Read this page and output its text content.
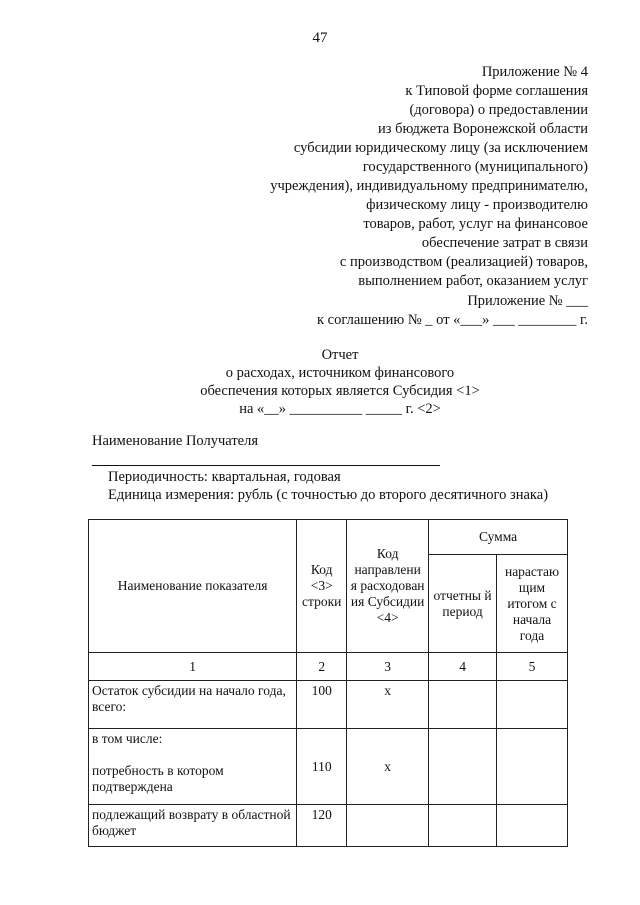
47
Приложение № 4
к Типовой форме соглашения
(договора) о предоставлении
из бюджета Воронежской области
субсидии юридическому лицу (за исключением
государственного (муниципального)
учреждения), индивидуальному предпринимателю,
физическому лицу - производителю
товаров, работ, услуг на финансовое
обеспечение затрат в связи
с производством (реализацией) товаров,
выполнением работ, оказанием услуг
Приложение № ___
к соглашению № _ от «___» ___ ________ г.
Отчет
о расходах, источником финансового
обеспечения которых является Субсидия <1>
на «__» __________ _____ г. <2>
Наименование Получателя
Периодичность: квартальная, годовая
Единица измерения: рубль (с точностью до второго десятичного знака)
Наименование показателя	Код <3> строки	Код направлени я расходован ия Субсидии <4>	Сумма	
			отчетны й период	нарастаю щим итогом с начала года
1	2	3	4	5
Остаток субсидии на начало года, всего:	100	x		

в том числе:
потребность в котором подтверждена	110	x		
подлежащий возврату в областной бюджет	120			
